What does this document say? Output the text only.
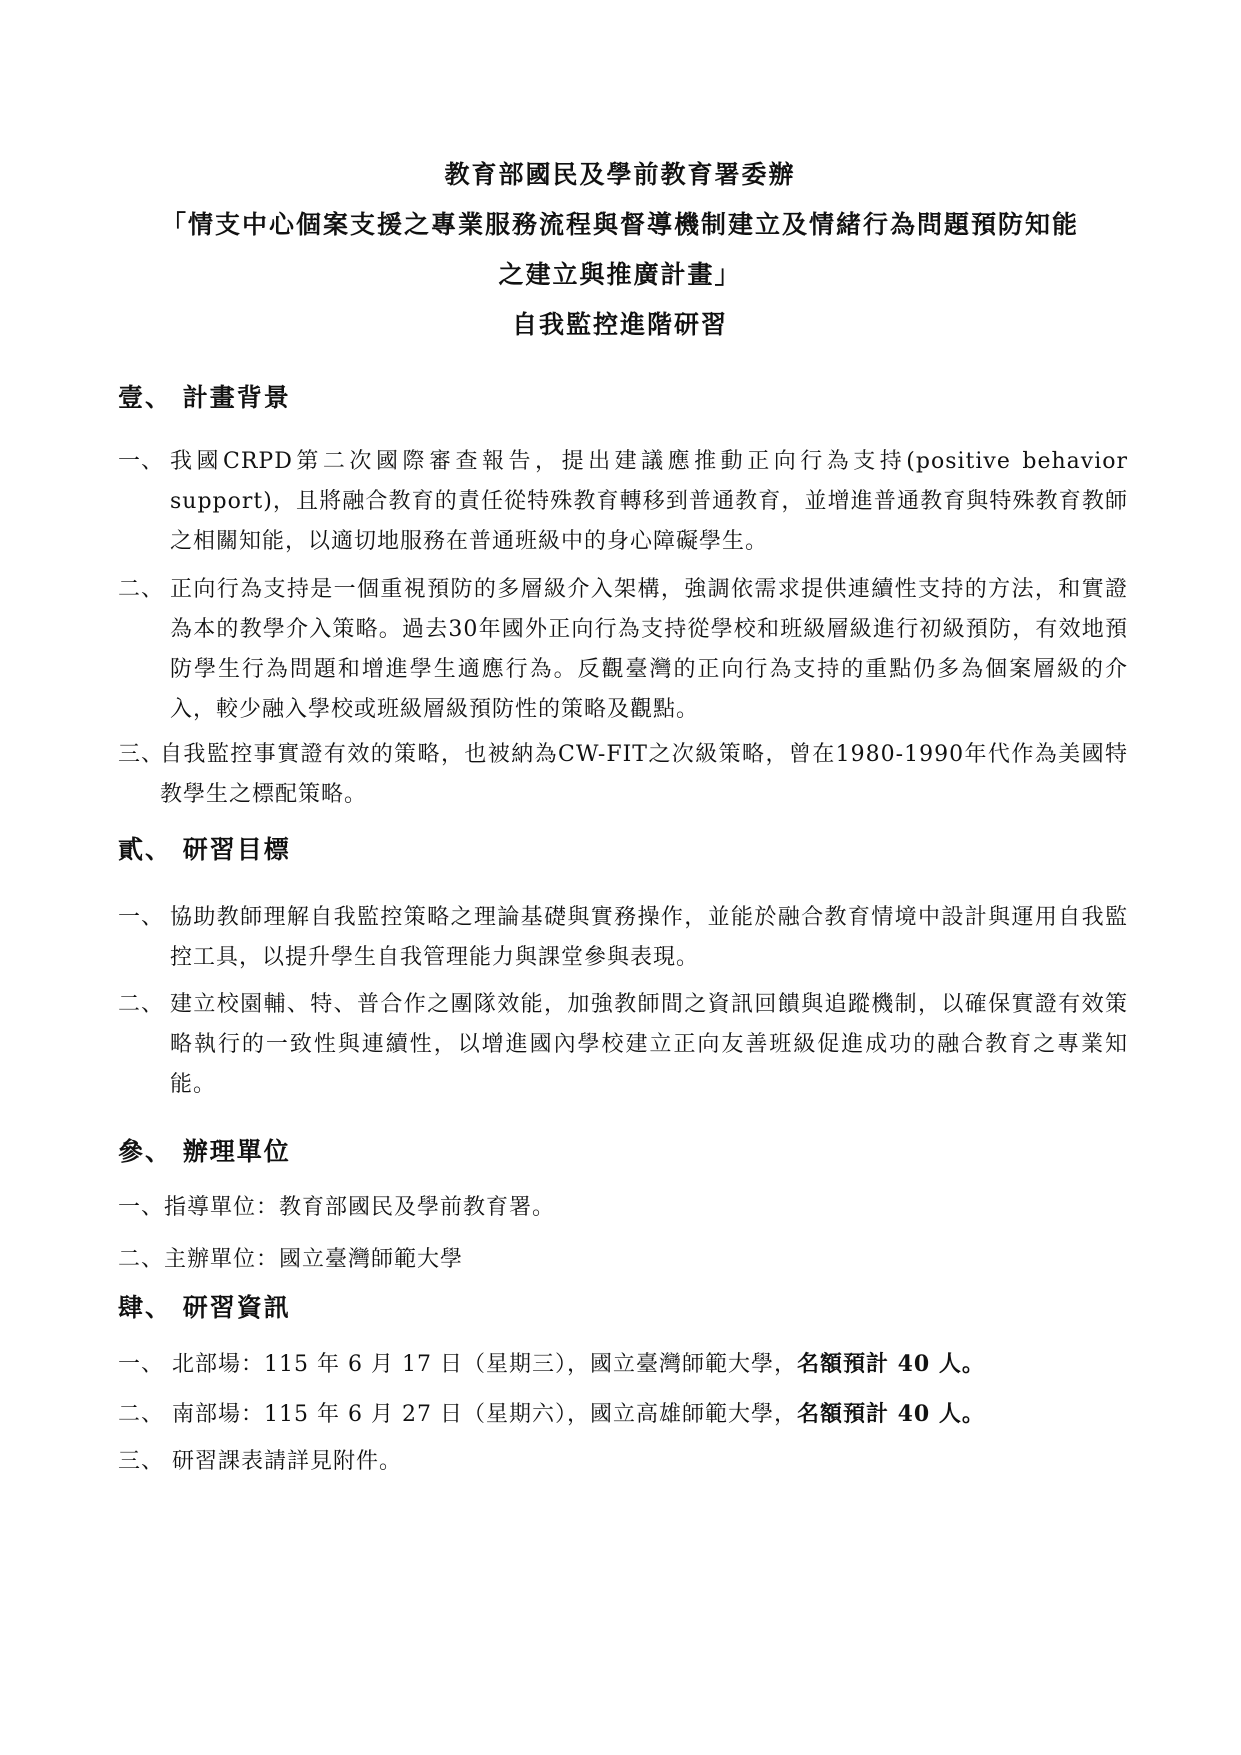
教育部國民及學前教育署委辦
「情支中心個案支援之專業服務流程與督導機制建立及情緒行為問題預防知能
之建立與推廣計畫」
自我監控進階研習
壹、 計畫背景
一、 我國CRPD第二次國際審查報告，提出建議應推動正向行為支持(positive behavior support)，且將融合教育的責任從特殊教育轉移到普通教育，並增進普通教育與特殊教育教師之相關知能，以適切地服務在普通班級中的身心障礙學生。
二、 正向行為支持是一個重視預防的多層級介入架構，強調依需求提供連續性支持的方法，和實證為本的教學介入策略。過去30年國外正向行為支持從學校和班級層級進行初級預防，有效地預防學生行為問題和增進學生適應行為。反觀臺灣的正向行為支持的重點仍多為個案層級的介入，較少融入學校或班級層級預防性的策略及觀點。
三、
自我監控事實證有效的策略，也被納為CW-FIT之次級策略，曾在1980-1990年代作為美國特教學生之標配策略。
貳、 研習目標
一、 協助教師理解自我監控策略之理論基礎與實務操作，並能於融合教育情境中設計與運用自我監控工具，以提升學生自我管理能力與課堂參與表現。
二、 建立校園輔、特、普合作之團隊效能，加強教師間之資訊回饋與追蹤機制，以確保實證有效策略執行的一致性與連續性，以增進國內學校建立正向友善班級促進成功的融合教育之專業知能。
參、 辦理單位
一、指導單位：教育部國民及學前教育署。
二、主辦單位：國立臺灣師範大學
肆、 研習資訊
一、 北部場：115 年 6 月 17 日（星期三），國立臺灣師範大學，名額預計 40 人。
二、 南部場：115 年 6 月 27 日（星期六），國立高雄師範大學，名額預計 40 人。
三、 研習課表請詳見附件。
